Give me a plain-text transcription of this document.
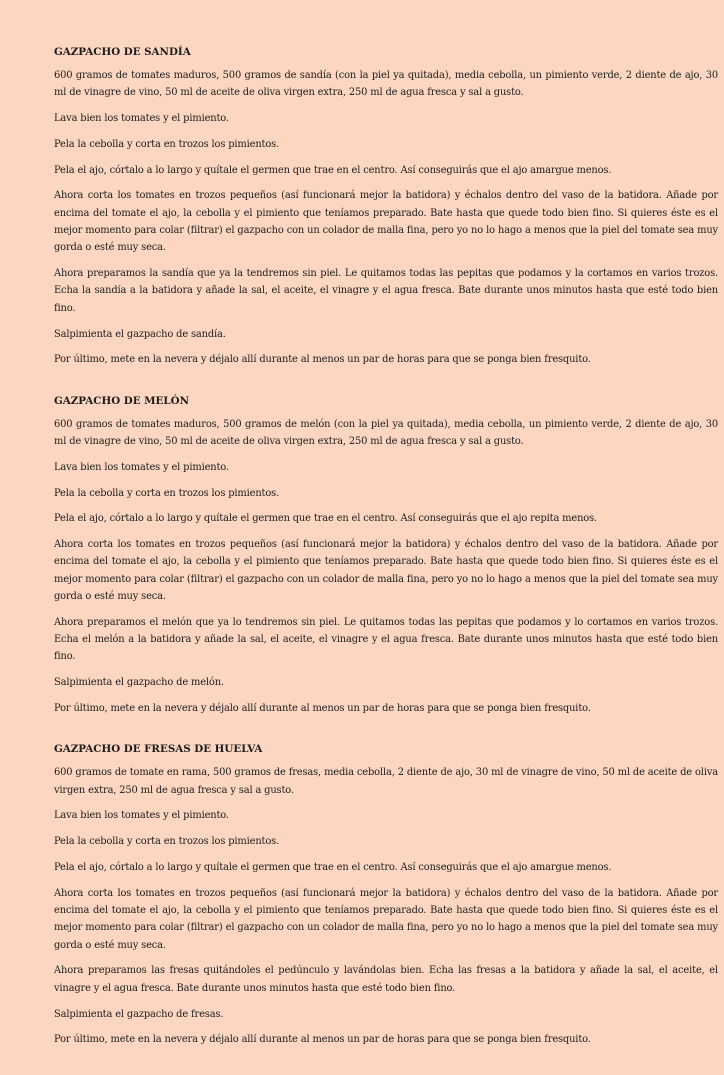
GAZPACHO DE SANDÍA

600 gramos de tomates maduros, 500 gramos de sandía (con la piel ya quitada), media cebolla, un pimiento verde, 2 diente de ajo, 30 ml de vinagre de vino, 50 ml de aceite de oliva virgen extra, 250 ml de agua fresca y sal a gusto.

Lava bien los tomates y el pimiento.

Pela la cebolla y corta en trozos los pimientos.

Pela el ajo, córtalo a lo largo y quítale el germen que trae en el centro. Así conseguirás que el ajo amargue menos.

Ahora corta los tomates en trozos pequeños (así funcionará mejor la batidora) y échalos dentro del vaso de la batidora. Añade por encima del tomate el ajo, la cebolla y el pimiento que teníamos preparado. Bate hasta que quede todo bien fino. Si quieres éste es el mejor momento para colar (filtrar) el gazpacho con un colador de malla fina, pero yo no lo hago a menos que la piel del tomate sea muy gorda o esté muy seca.

Ahora preparamos la sandía que ya la tendremos sin piel. Le quitamos todas las pepitas que podamos y la cortamos en varios trozos. Echa la sandía a la batidora y añade la sal, el aceite, el vinagre y el agua fresca. Bate durante unos minutos hasta que esté todo bien fino.

Salpimienta el gazpacho de sandía.

Por último, mete en la nevera y déjalo allí durante al menos un par de horas para que se ponga bien fresquito.

GAZPACHO DE MELÓN

600 gramos de tomates maduros, 500 gramos de melón (con la piel ya quitada), media cebolla, un pimiento verde, 2 diente de ajo, 30 ml de vinagre de vino, 50 ml de aceite de oliva virgen extra, 250 ml de agua fresca y sal a gusto.

Lava bien los tomates y el pimiento.

Pela la cebolla y corta en trozos los pimientos.

Pela el ajo, córtalo a lo largo y quítale el germen que trae en el centro. Así conseguirás que el ajo repita menos.

Ahora corta los tomates en trozos pequeños (así funcionará mejor la batidora) y échalos dentro del vaso de la batidora. Añade por encima del tomate el ajo, la cebolla y el pimiento que teníamos preparado. Bate hasta que quede todo bien fino. Si quieres éste es el mejor momento para colar (filtrar) el gazpacho con un colador de malla fina, pero yo no lo hago a menos que la piel del tomate sea muy gorda o esté muy seca.

Ahora preparamos el melón que ya lo tendremos sin piel. Le quitamos todas las pepitas que podamos y lo cortamos en varios trozos. Echa el melón a la batidora y añade la sal, el aceite, el vinagre y el agua fresca. Bate durante unos minutos hasta que esté todo bien fino.

Salpimienta el gazpacho de melón.

Por último, mete en la nevera y déjalo allí durante al menos un par de horas para que se ponga bien fresquito.

GAZPACHO DE FRESAS DE HUELVA

600 gramos de tomate en rama, 500 gramos de fresas, media cebolla, 2 diente de ajo, 30 ml de vinagre de vino, 50 ml de aceite de oliva virgen extra, 250 ml de agua fresca y sal a gusto.

Lava bien los tomates y el pimiento.

Pela la cebolla y corta en trozos los pimientos.

Pela el ajo, córtalo a lo largo y quítale el germen que trae en el centro. Así conseguirás que el ajo amargue menos.

Ahora corta los tomates en trozos pequeños (así funcionará mejor la batidora) y échalos dentro del vaso de la batidora. Añade por encima del tomate el ajo, la cebolla y el pimiento que teníamos preparado. Bate hasta que quede todo bien fino. Si quieres éste es el mejor momento para colar (filtrar) el gazpacho con un colador de malla fina, pero yo no lo hago a menos que la piel del tomate sea muy gorda o esté muy seca.

Ahora preparamos las fresas quitándoles el pedúnculo y lavándolas bien. Echa las fresas a la batidora y añade la sal, el aceite, el vinagre y el agua fresca. Bate durante unos minutos hasta que esté todo bien fino.

Salpimienta el gazpacho de fresas.

Por último, mete en la nevera y déjalo allí durante al menos un par de horas para que se ponga bien fresquito.
